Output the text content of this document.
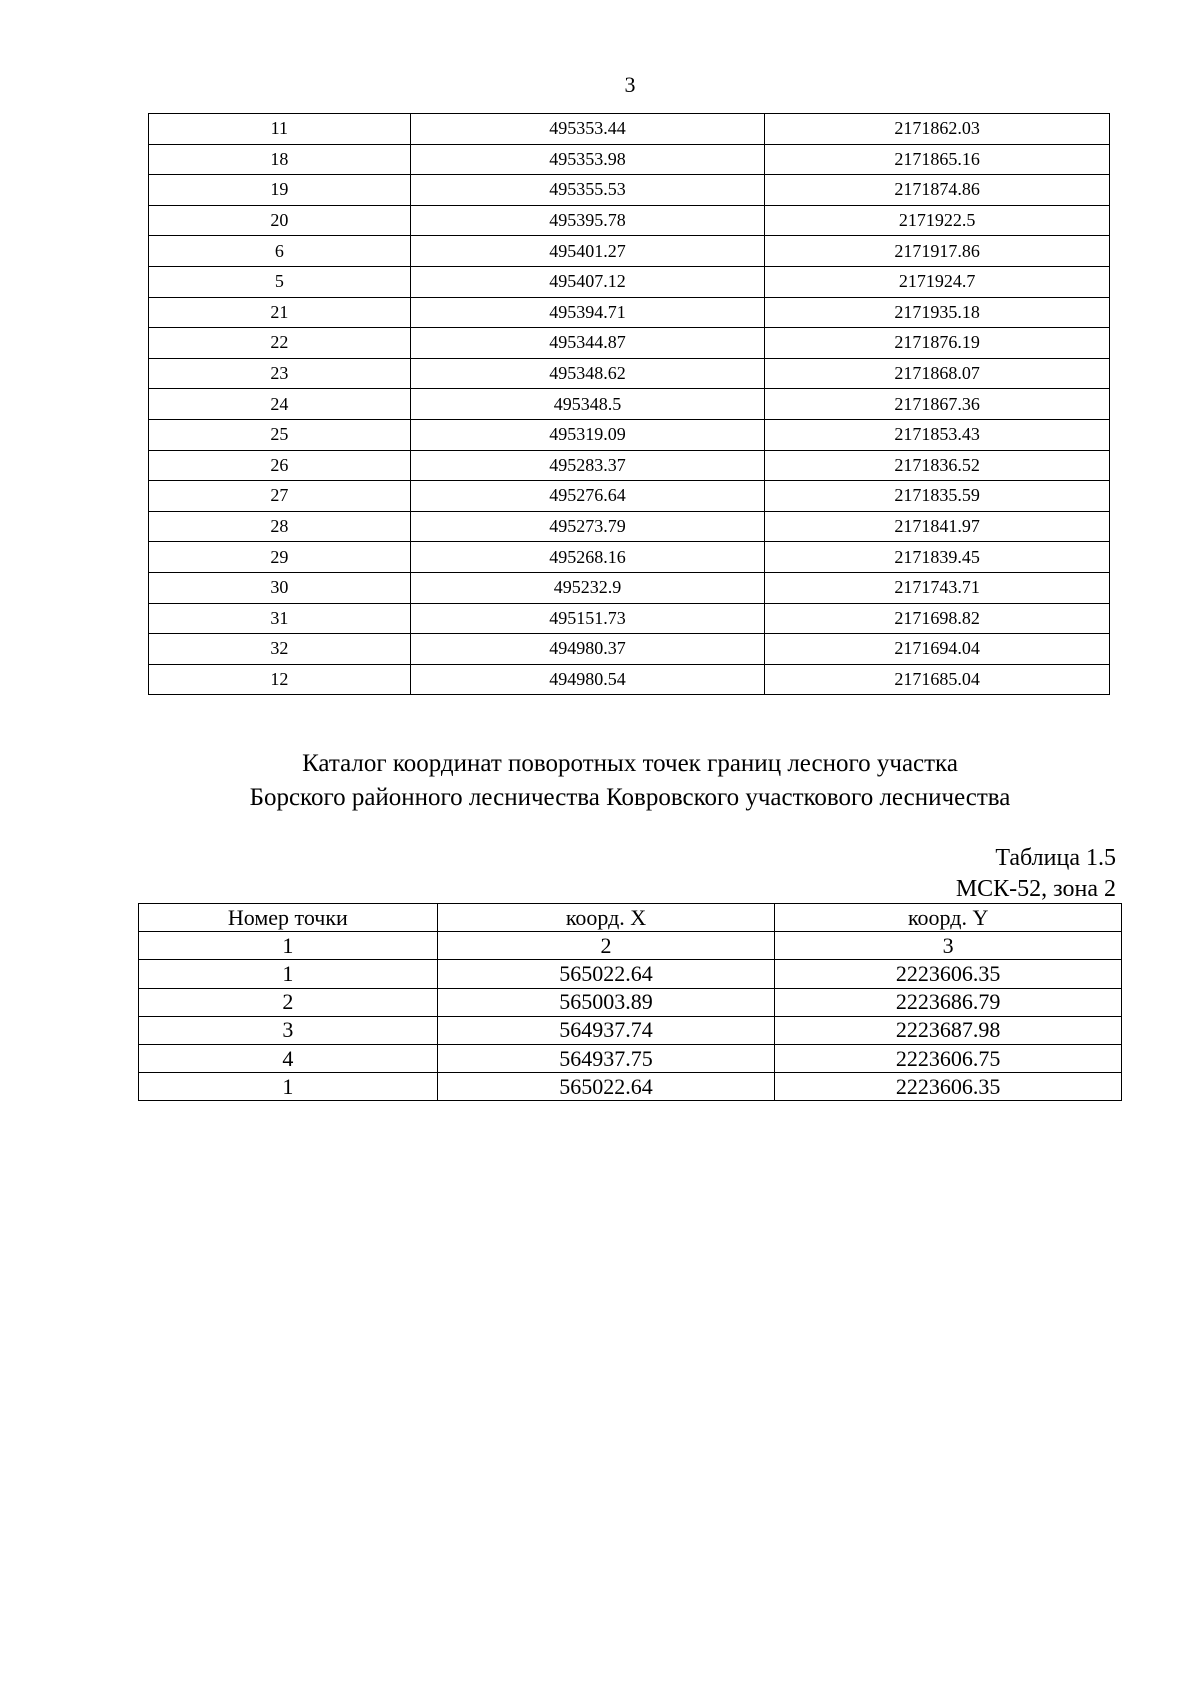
3
11	495353.44	2171862.03
18	495353.98	2171865.16
19	495355.53	2171874.86
20	495395.78	2171922.5
6	495401.27	2171917.86
5	495407.12	2171924.7
21	495394.71	2171935.18
22	495344.87	2171876.19
23	495348.62	2171868.07
24	495348.5	2171867.36
25	495319.09	2171853.43
26	495283.37	2171836.52
27	495276.64	2171835.59
28	495273.79	2171841.97
29	495268.16	2171839.45
30	495232.9	2171743.71
31	495151.73	2171698.82
32	494980.37	2171694.04
12	494980.54	2171685.04
Каталог координат поворотных точек границ лесного участка
Борского районного лесничества Ковровского участкового лесничества
Таблица 1.5
МСК-52, зона 2
Номер точки	коорд. X	коорд. Y
1	2	3
1	565022.64	2223606.35
2	565003.89	2223686.79
3	564937.74	2223687.98
4	564937.75	2223606.75
1	565022.64	2223606.35
